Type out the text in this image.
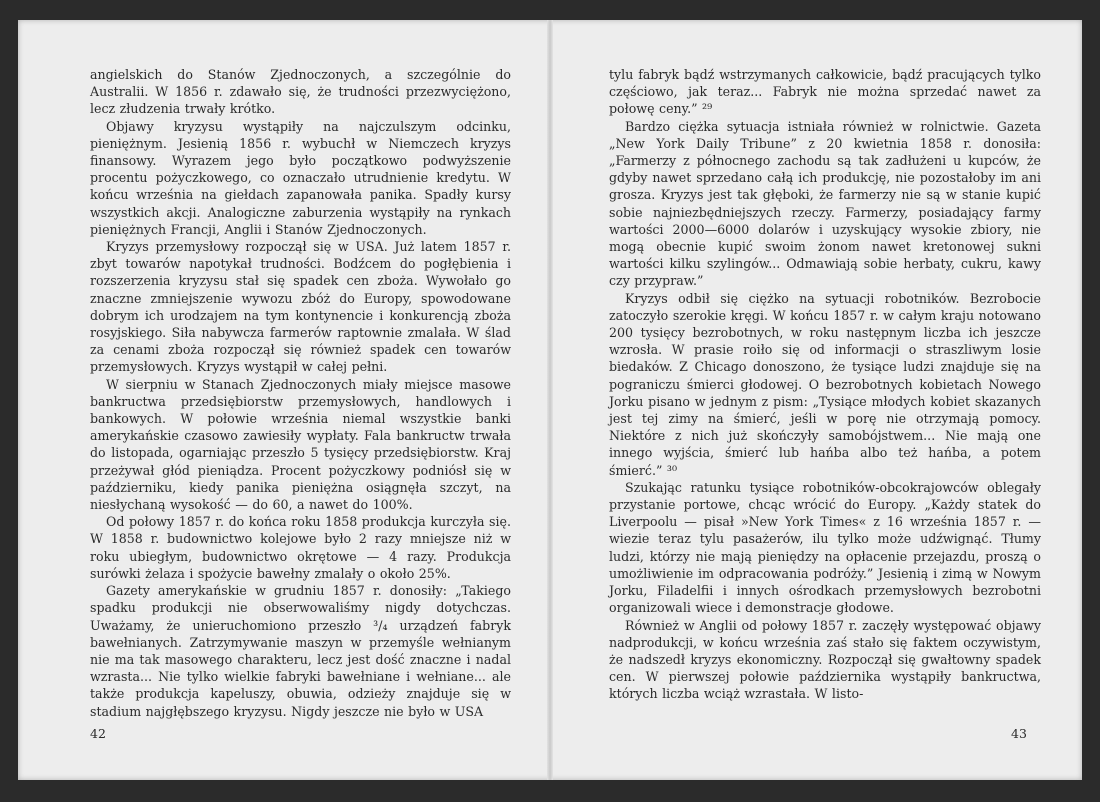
angielskich do Stanów Zjednoczonych, a szczególnie do Australii. W 1856 r. zdawało się, że trudności przezwyciężono, lecz złudzenia trwały krótko.

Objawy kryzysu wystąpiły na najczulszym odcinku, pieniężnym. Jesienią 1856 r. wybuchł w Niemczech kryzys finansowy. Wyrazem jego było początkowo podwyższenie procentu pożyczkowego, co oznaczało utrudnienie kredytu. W końcu września na giełdach zapanowała panika. Spadły kursy wszystkich akcji. Analogiczne zaburzenia wystąpiły na rynkach pieniężnych Francji, Anglii i Stanów Zjednoczonych.

Kryzys przemysłowy rozpoczął się w USA. Już latem 1857 r. zbyt towarów napotykał trudności. Bodźcem do pogłębienia i rozszerzenia kryzysu stał się spadek cen zboża. Wywołało go znaczne zmniejszenie wywozu zbóż do Europy, spowodowane dobrym ich urodzajem na tym kontynencie i konkurencją zboża rosyjskiego. Siła nabywcza farmerów raptownie zmalała. W ślad za cenami zboża rozpoczął się również spadek cen towarów przemysłowych. Kryzys wystąpił w całej pełni.

W sierpniu w Stanach Zjednoczonych miały miejsce masowe bankructwa przedsiębiorstw przemysłowych, handlowych i bankowych. W połowie września niemal wszystkie banki amerykańskie czasowo zawiesiły wypłaty. Fala bankructw trwała do listopada, ogarniając przeszło 5 tysięcy przedsiębiorstw. Kraj przeżywał głód pieniądza. Procent pożyczkowy podniósł się w październiku, kiedy panika pieniężna osiągnęła szczyt, na niesłychaną wysokość — do 60, a nawet do 100%.

Od połowy 1857 r. do końca roku 1858 produkcja kurczyła się. W 1858 r. budownictwo kolejowe było 2 razy mniejsze niż w roku ubiegłym, budownictwo okrętowe — 4 razy. Produkcja surówki żelaza i spożycie bawełny zmalały o około 25%.

Gazety amerykańskie w grudniu 1857 r. donosiły: „Takiego spadku produkcji nie obserwowaliśmy nigdy dotychczas. Uważamy, że unieruchomiono przeszło ³/₄ urządzeń fabryk bawełnianych. Zatrzymywanie maszyn w przemyśle wełnianym nie ma tak masowego charakteru, lecz jest dość znaczne i nadal wzrasta... Nie tylko wielkie fabryki bawełniane i wełniane... ale także produkcja kapeluszy, obuwia, odzieży znajduje się w stadium najgłębszego kryzysu. Nigdy jeszcze nie było w USA

42

tylu fabryk bądź wstrzymanych całkowicie, bądź pracujących tylko częściowo, jak teraz... Fabryk nie można sprzedać nawet za połowę ceny.” ²⁹

Bardzo ciężka sytuacja istniała również w rolnictwie. Gazeta „New York Daily Tribune” z 20 kwietnia 1858 r. donosiła: „Farmerzy z północnego zachodu są tak zadłużeni u kupców, że gdyby nawet sprzedano całą ich produkcję, nie pozostałoby im ani grosza. Kryzys jest tak głęboki, że farmerzy nie są w stanie kupić sobie najniezbędniejszych rzeczy. Farmerzy, posiadający farmy wartości 2000—6000 dolarów i uzyskujący wysokie zbiory, nie mogą obecnie kupić swoim żonom nawet kretonowej sukni wartości kilku szylingów... Odmawiają sobie herbaty, cukru, kawy czy przypraw.”

Kryzys odbił się ciężko na sytuacji robotników. Bezrobocie zatoczyło szerokie kręgi. W końcu 1857 r. w całym kraju notowano 200 tysięcy bezrobotnych, w roku następnym liczba ich jeszcze wzrosła. W prasie roiło się od informacji o straszliwym losie biedaków. Z Chicago donoszono, że tysiące ludzi znajduje się na pograniczu śmierci głodowej. O bezrobotnych kobietach Nowego Jorku pisano w jednym z pism: „Tysiące młodych kobiet skazanych jest tej zimy na śmierć, jeśli w porę nie otrzymają pomocy. Niektóre z nich już skończyły samobójstwem... Nie mają one innego wyjścia, śmierć lub hańba albo też hańba, a potem śmierć.” ³⁰

Szukając ratunku tysiące robotników-obcokrajowców oblegały przystanie portowe, chcąc wrócić do Europy. „Każdy statek do Liverpoolu — pisał »New York Times« z 16 września 1857 r. — wiezie teraz tylu pasażerów, ilu tylko może udźwignąć. Tłumy ludzi, którzy nie mają pieniędzy na opłacenie przejazdu, proszą o umożliwienie im odpracowania podróży.” Jesienią i zimą w Nowym Jorku, Filadelfii i innych ośrodkach przemysłowych bezrobotni organizowali wiece i demonstracje głodowe.

Również w Anglii od połowy 1857 r. zaczęły występować objawy nadprodukcji, w końcu września zaś stało się faktem oczywistym, że nadszedł kryzys ekonomiczny. Rozpoczął się gwałtowny spadek cen. W pierwszej połowie października wystąpiły bankructwa, których liczba wciąż wzrastała. W listo-

43
